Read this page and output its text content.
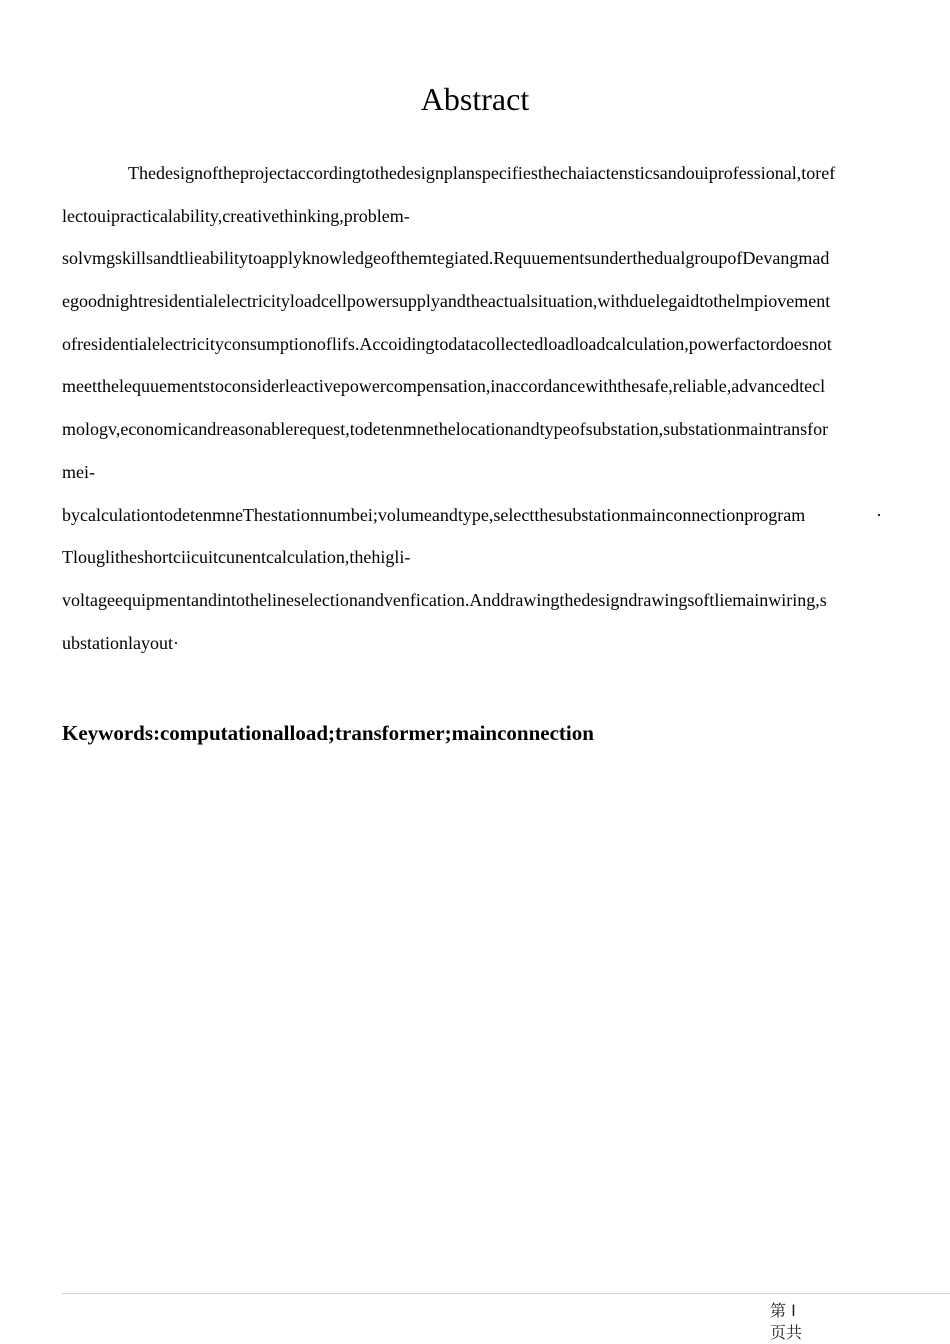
Abstract
Thedesignoftheprojectaccordingtothedesignplanspecifiesthechaiactensticsandouiprofessional,toref
lectouipracticalability,creativethinking,problem-
solvmgskillsandtlieabilitytoapplyknowledgeofthemtegiated.RequuementsunderthedualgroupofDevangmad
egoodnightresidentialelectricityloadcellpowersupplyandtheactualsituation,withduelegaidtothelmpiovement
ofresidentialelectricityconsumptionoflifs.Accoidingtodatacollectedloadloadcalculation,powerfactordoesnot
meetthelequuementstoconsiderleactivepowercompensation,inaccordancewiththesafe,reliable,advancedtecl
mologv,economicandreasonablerequest,todetenmnethelocationandtypeofsubstation,substationmaintransfor
mei-
bycalculationtodetenmneThestationnumbei;volumeandtype,selectthesubstationmainconnectionprogram	·
Tlouglitheshortciicuitcunentcalculation,thehigli-
voltageequipmentandintothelineselectionandvenfication.Anddrawingthedesigndrawingsoftliemainwiring,s
ubstationlayout·
Keywords:computationalload;transformer;mainconnection
第 I
页共
